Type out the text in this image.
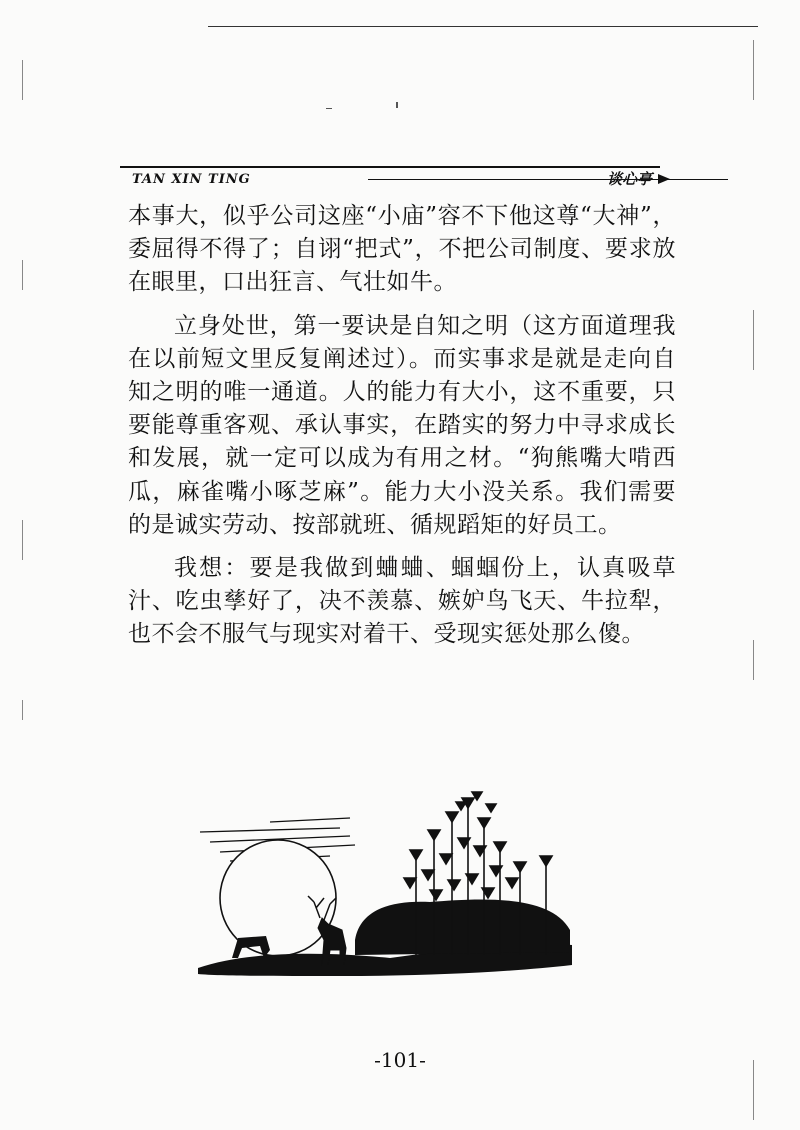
TAN XIN TING	谈心亭

本事大，似乎公司这座“小庙”容不下他这尊“大神”，委屈得不得了；自诩“把式”，不把公司制度、要求放在眼里，口出狂言、气壮如牛。

立身处世，第一要诀是自知之明（这方面道理我在以前短文里反复阐述过）。而实事求是就是走向自知之明的唯一通道。人的能力有大小，这不重要，只要能尊重客观、承认事实，在踏实的努力中寻求成长和发展，就一定可以成为有用之材。“狗熊嘴大啃西瓜，麻雀嘴小啄芝麻”。能力大小没关系。我们需要的是诚实劳动、按部就班、循规蹈矩的好员工。

我想：要是我做到蛐蛐、蝈蝈份上，认真吸草汁、吃虫孳好了，决不羡慕、嫉妒鸟飞天、牛拉犁，也不会不服气与现实对着干、受现实惩处那么傻。

-101-
